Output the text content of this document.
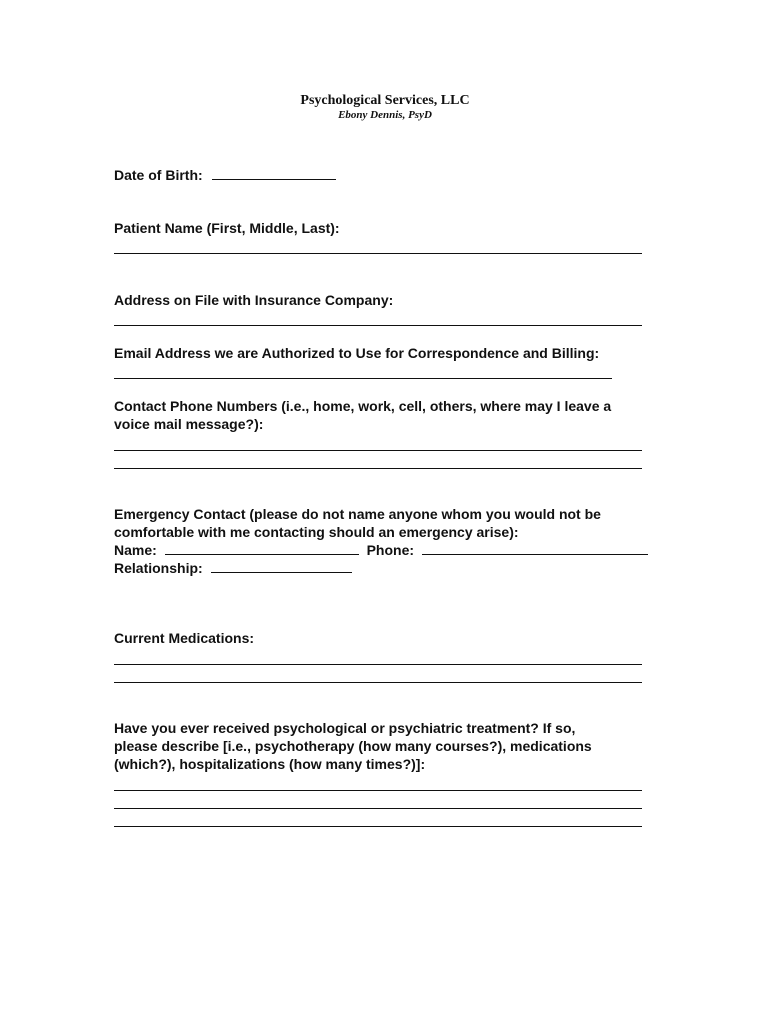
Psychological Services, LLC
Ebony Dennis, PsyD
Date of Birth:
Patient Name (First, Middle, Last):
Address on File with Insurance Company:
Email Address we are Authorized to Use for Correspondence and Billing:
Contact Phone Numbers (i.e., home, work, cell, others, where may I leave a
voice mail message?):
Emergency Contact (please do not name anyone whom you would not be
comfortable with me contacting should an emergency arise):
Name:	Phone:
Relationship:
Current Medications:
Have you ever received psychological or psychiatric treatment? If so,
please describe [i.e., psychotherapy (how many courses?), medications
(which?), hospitalizations (how many times?)]:
